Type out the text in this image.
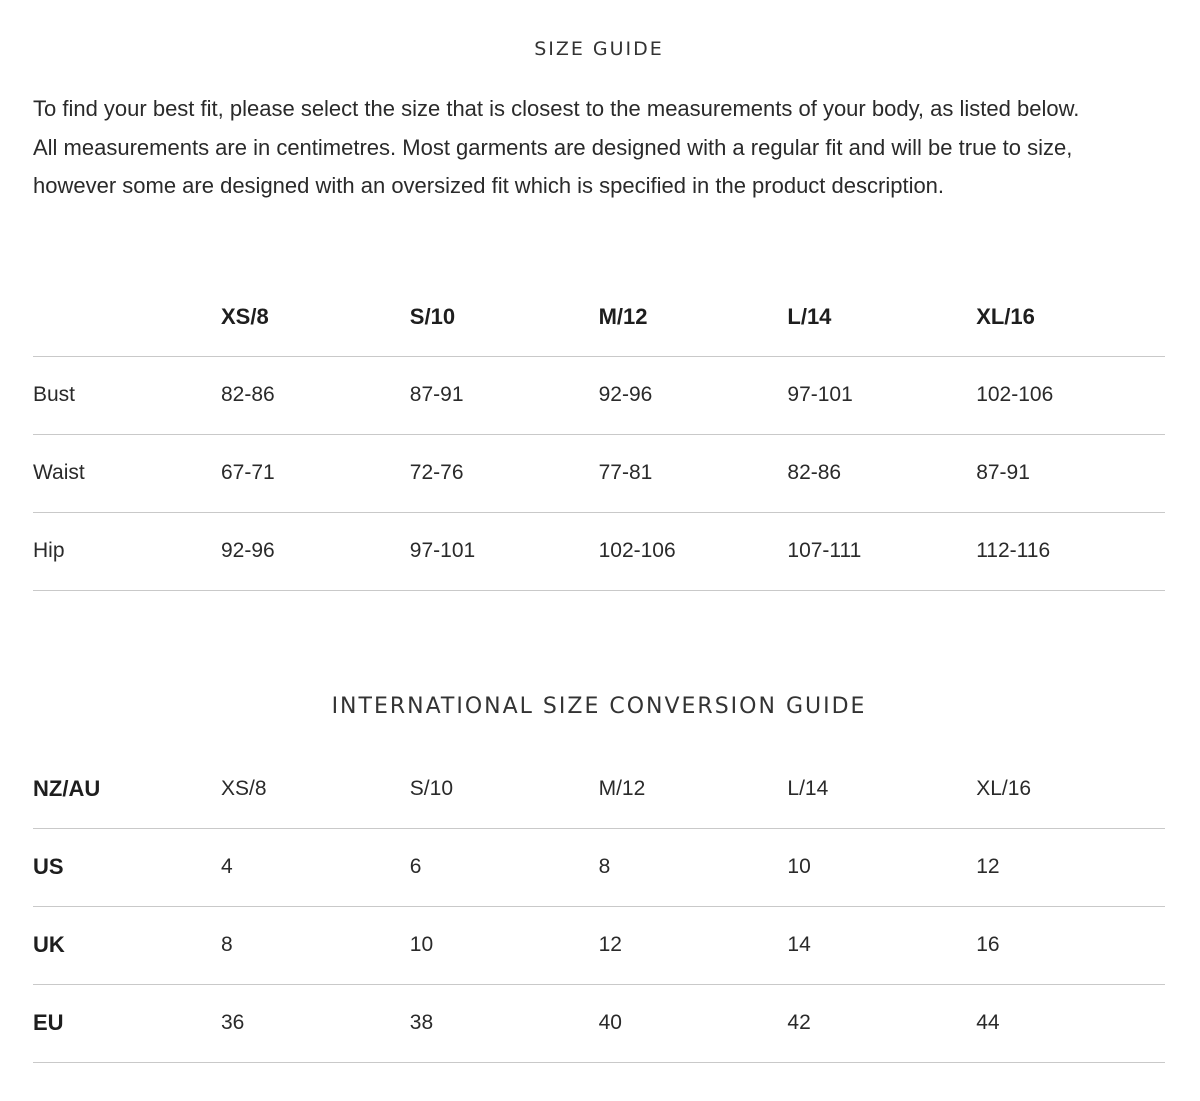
SIZE GUIDE

To find your best fit, please select the size that is closest to the measurements of your body, as listed below.

All measurements are in centimetres. Most garments are designed with a regular fit and will be true to size,

however some are designed with an oversized fit which is specified in the product description.

	XS/8	S/10	M/12	L/14	XL/16
Bust	82-86	87-91	92-96	97-101	102-106
Waist	67-71	72-76	77-81	82-86	87-91
Hip	92-96	97-101	102-106	107-111	112-116
INTERNATIONAL SIZE CONVERSION GUIDE
NZ/AU	XS/8	S/10	M/12	L/14	XL/16
US	4	6	8	10	12
UK	8	10	12	14	16
EU	36	38	40	42	44
